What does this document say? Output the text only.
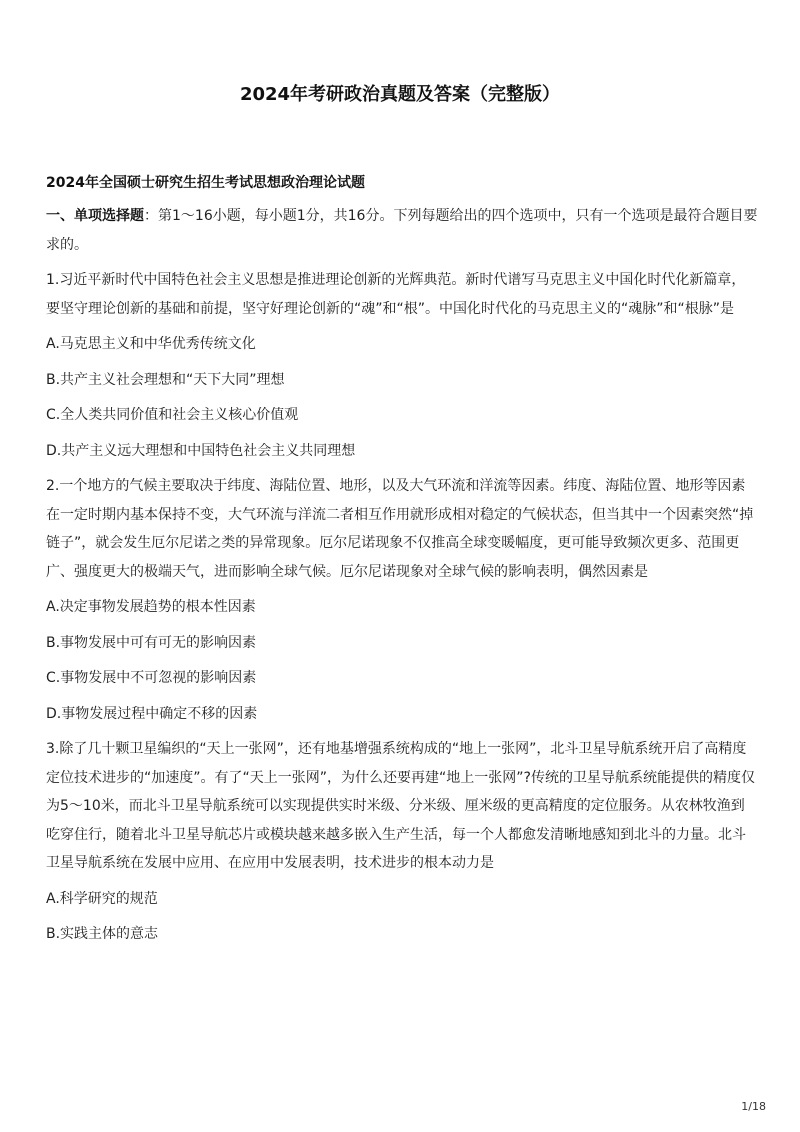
2024年考研政治真题及答案（完整版）
2024年全国硕士研究生招生考试思想政治理论试题

一、单项选择题：第1～16小题，每小题1分，共16分。下列每题给出的四个选项中，只有一个选项是最符合题目要求的。

1.习近平新时代中国特色社会主义思想是推进理论创新的光辉典范。新时代谱写马克思主义中国化时代化新篇章，要坚守理论创新的基础和前提，坚守好理论创新的“魂”和“根”。中国化时代化的马克思主义的“魂脉”和“根脉”是

A.马克思主义和中华优秀传统文化

B.共产主义社会理想和“天下大同”理想

C.全人类共同价值和社会主义核心价值观

D.共产主义远大理想和中国特色社会主义共同理想

2.一个地方的气候主要取决于纬度、海陆位置、地形，以及大气环流和洋流等因素。纬度、海陆位置、地形等因素在一定时期内基本保持不变，大气环流与洋流二者相互作用就形成相对稳定的气候状态，但当其中一个因素突然“掉链子”，就会发生厄尔尼诺之类的异常现象。厄尔尼诺现象不仅推高全球变暖幅度，更可能导致频次更多、范围更广、强度更大的极端天气，进而影响全球气候。厄尔尼诺现象对全球气候的影响表明，偶然因素是

A.决定事物发展趋势的根本性因素

B.事物发展中可有可无的影响因素

C.事物发展中不可忽视的影响因素

D.事物发展过程中确定不移的因素

3.除了几十颗卫星编织的“天上一张网”，还有地基增强系统构成的“地上一张网”，北斗卫星导航系统开启了高精度定位技术进步的“加速度”。有了“天上一张网”，为什么还要再建“地上一张网”?传统的卫星导航系统能提供的精度仅为5～10米，而北斗卫星导航系统可以实现提供实时米级、分米级、厘米级的更高精度的定位服务。从农林牧渔到吃穿住行，随着北斗卫星导航芯片或模块越来越多嵌入生产生活，每一个人都愈发清晰地感知到北斗的力量。北斗卫星导航系统在发展中应用、在应用中发展表明，技术进步的根本动力是

A.科学研究的规范

B.实践主体的意志

1/18
